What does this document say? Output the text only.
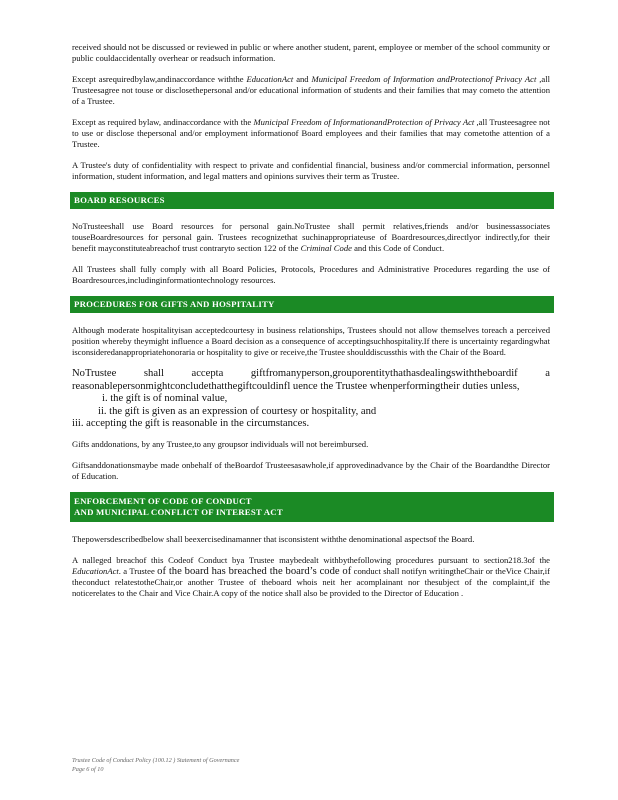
received should not be discussed or reviewed in public or where another student, parent, employee or member of the school community or public couldaccidentally overhear or readsuch information.

Except asrequiredbylaw,andinaccordance withthe EducationAct and Municipal Freedom of Information andProtectionof Privacy Act ,all Trusteesagree not touse or disclosethepersonal and/or educational information of students and their families that may cometo the attention of a Trustee.

Except as required bylaw, andinaccordance with the Municipal Freedom of InformationandProtection of Privacy Act ,all Trusteesagree not to use or disclose thepersonal and/or employment informationof Board employees and their families that may cometothe attention of a Trustee.

A Trustee's duty of confidentiality with respect to private and confidential financial, business and/or commercial information, personnel information, student information, and legal matters and opinions survives their term as Trustee.

BOARD RESOURCES

NoTrusteeshall use Board resources for personal gain.NoTrustee shall permit relatives,friends and/or businessassociates touseBoardresources for personal gain. Trustees recognizethat suchinappropriateuse of Boardresources,directlyor indirectly,for their benefit mayconstituteabreachof trust contraryto section 122 of the Criminal Code and this Code of Conduct.

All Trustees shall fully comply with all Board Policies, Protocols, Procedures and Administrative Procedures regarding the use of Boardresources,includinginformationtechnology resources.

PROCEDURES FOR GIFTS AND HOSPITALITY

Although moderate hospitalityisan acceptedcourtesy in business relationships, Trustees should not allow themselves toreach a perceived position whereby theymight influence a Board decision as a consequence of acceptingsuchhospitality.If there is uncertainty regardingwhat isconsideredanappropriatehonoraria or hospitality to give or receive,the Trustee shoulddiscussthis with the Chair of the Board.

NoTrustee shall accepta giftfromanyperson,grouporentitythathasdealingswiththeboardif a reasonablepersonmightconcludethatthegiftcouldinfl uence the Trustee whenperformingtheir duties unless,

i. the gift is of nominal value,
ii. the gift is given as an expression of courtesy or hospitality, and
iii. accepting the gift is reasonable in the circumstances.

Gifts anddonations, by any Trustee,to any groupsor individuals will not bereimbursed.

Giftsanddonationsmaybe made onbehalf of theBoardof Trusteesasawhole,if approvedinadvance by the Chair of the Boardandthe Director of Education.

ENFORCEMENT OF CODE OF CONDUCT
AND MUNICIPAL CONFLICT OF INTEREST ACT

Thepowersdescribedbelow shall beexercisedinamanner that isconsistent withthe denominational aspectsof the Board.

A nalleged breachof this Codeof Conduct bya Trustee maybedealt withbythefollowing procedures pursuant to section218.3of the EducationAct. a Trustee of the board has breached the board’s code of conduct shall notifyn writingtheChair or theVice Chair,if theconduct relatestotheChair,or another Trustee of theboard whois neit her acomplainant nor thesubject of the complaint,if the noticerelates to the Chair and Vice Chair.A copy of the notice shall also be provided to the Director of Education .

Trustee Code of Conduct Policy (100.12 ) Statement of Governance
Page 6 of 10
